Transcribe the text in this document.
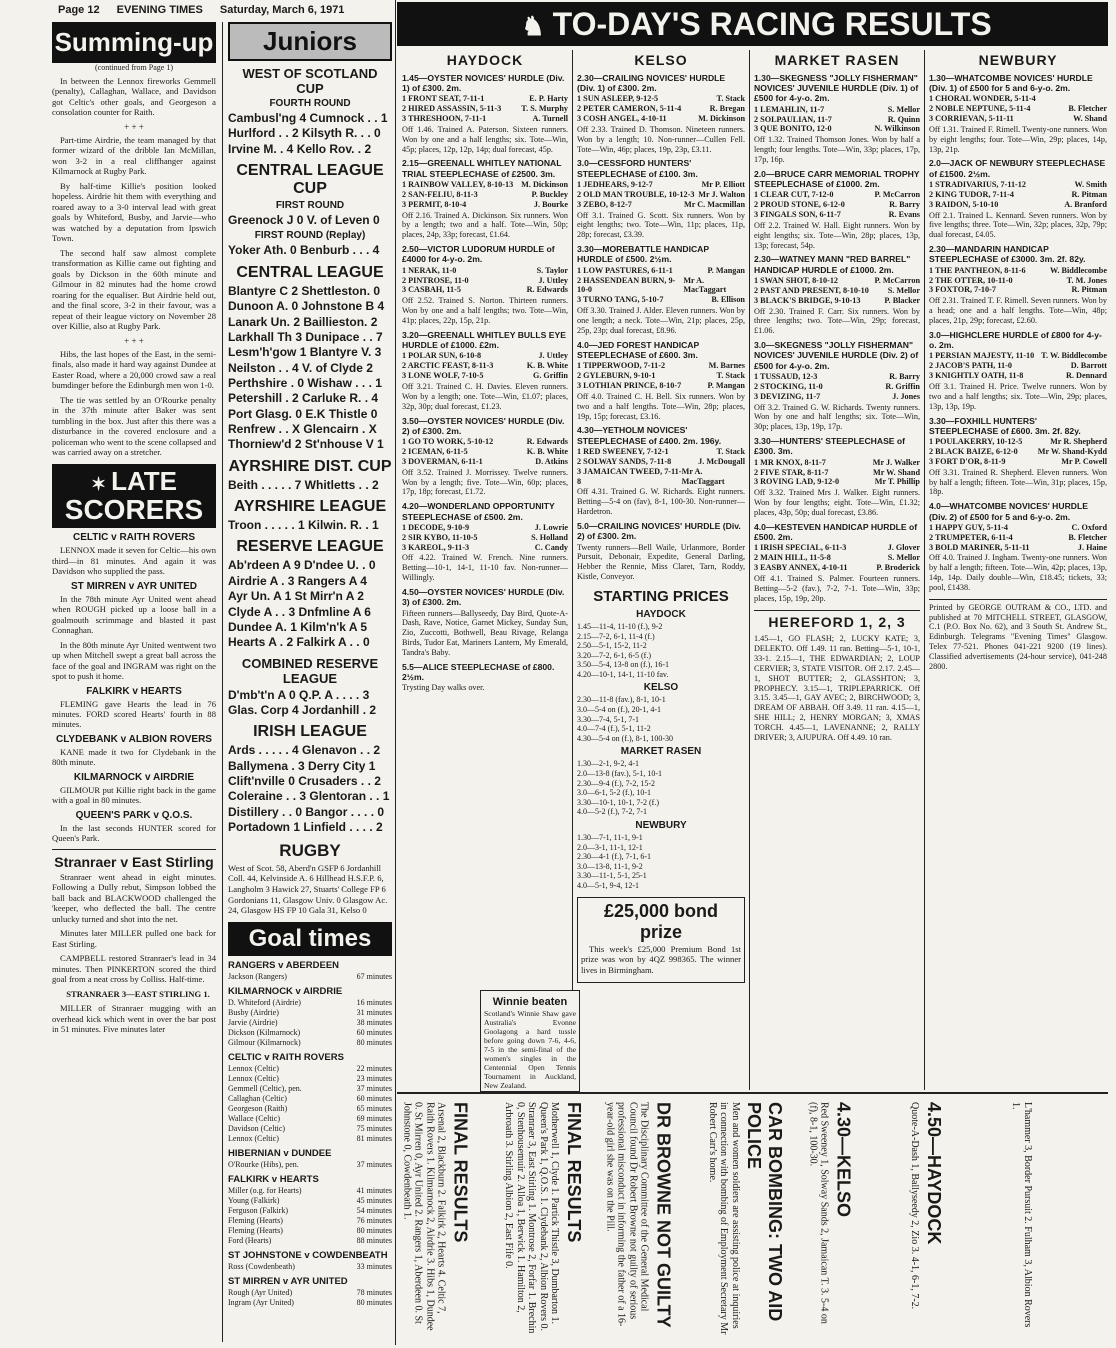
Page 12 EVENING TIMES Saturday, March 6, 1971
Summing-up
(continued from Page 1)

In between the Lennox fireworks Gemmell (penalty), Callaghan, Wallace, and Davidson got Celtic's other goals, and Georgeson a consolation counter for Raith.

+ + +

Part-time Airdrie, the team managed by that former wizard of the dribble Ian McMillan, won 3-2 in a real cliffhanger against Kilmarnock at Rugby Park.

By half-time Killie's position looked hopeless. Airdrie hit them with everything and roared away to a 3-0 interval lead with great goals by Whiteford, Busby, and Jarvie—who was watched by a deputation from Ipswich Town.

The second half saw almost complete transformation as Killie came out fighting and goals by Dickson in the 60th minute and Gilmour in 82 minutes had the home crowd roaring for the equaliser. But Airdrie held out, and the final score, 3-2 in their favour, was a repeat of their league victory on November 28 over Killie, also at Rugby Park.

+ + +

Hibs, the last hopes of the East, in the semi-finals, also made it hard way against Dundee at Easter Road, where a 20,000 crowd saw a real bumdinger before the Edinburgh men won 1-0.

The tie was settled by an O'Rourke penalty in the 37th minute after Baker was sent tumbling in the box. Just after this there was a disturbance in the covered enclosure and a policeman who went to the scene collapsed and was carried away on a stretcher.

✶ LATE
SCORERS
CELTIC v RAITH ROVERS

LENNOX made it seven for Celtic—his own third—in 81 minutes. And again it was Davidson who supplied the pass.

ST MIRREN v AYR UNITED

In the 78th minute Ayr United went ahead when ROUGH picked up a loose ball in a goalmouth scrimmage and blasted it past Connaghan.

In the 80th minute Ayr United wentwent two up when Mitchell swept a great ball across the face of the goal and INGRAM was right on the spot to push it home.

FALKIRK v HEARTS

FLEMING gave Hearts the lead in 76 minutes. FORD scored Hearts' fourth in 88 minutes.

CLYDEBANK v ALBION ROVERS

KANE made it two for Clydebank in the 80th minute.

KILMARNOCK v AIRDRIE

GILMOUR put Killie right back in the game with a goal in 80 minutes.

QUEEN'S PARK v Q.O.S.

In the last seconds HUNTER scored for Queen's Park.

Stranraer v East Stirling

Stranraer went ahead in eight minutes. Following a Dully rebut, Simpson lobbed the ball back and BLACKWOOD challenged the 'keeper, who deflected the ball. The centre unlucky turned and shot into the net.

Minutes later MILLER pulled one back for East Stirling.

CAMPBELL restored Stranraer's lead in 34 minutes. Then PINKERTON scored the third goal from a neat cross by Colliss. Half-time.

STRANRAER 3—EAST STIRLING 1.

MILLER of Stranraer mugging with an overhead kick which went in over the bar post in 51 minutes. Five minutes later

Juniors
WEST OF SCOTLAND CUP
FOURTH ROUND
Cambusl'ng 4 Cumnock . . 1
Hurlford . . 2 Kilsyth R. . . 0
Irvine M. . 4 Kello Rov. . 2
CENTRAL LEAGUE CUP
FIRST ROUND
Greenock J 0 V. of Leven 0
FIRST ROUND (Replay)
Yoker Ath. 0 Benburb . . . 4
CENTRAL LEAGUE
Blantyre C 2 Shettleston. 0
Dunoon A. 0 Johnstone B 4
Lanark Un. 2 Baillieston. 2
Larkhall Th 3 Dunipace . . 7
Lesm'h'gow 1 Blantyre V. 3
Neilston . . 4 V. of Clyde 2
Perthshire . 0 Wishaw . . . 1
Petershill . 2 Carluke R. . 4
Port Glasg. 0 E.K Thistle 0
Renfrew . . X Glencairn . X
Thorniew'd 2 St'nhouse V 1
AYRSHIRE DIST. CUP
Beith . . . . . 7 Whitletts . . 2
AYRSHIRE LEAGUE
Troon . . . . . 1 Kilwin. R. . 1
RESERVE LEAGUE
Ab'rdeen A 9 D'ndee U. . 0
Airdrie A . 3 Rangers A 4
Ayr Un. A 1 St Mirr'n A 2
Clyde A . . 3 Dnfmline A 6
Dundee A. 1 Kilm'n'k A 5
Hearts A . 2 Falkirk A . . 0
COMBINED RESERVE LEAGUE
D'mb't'n A 0 Q.P. A . . . . 3
Glas. Corp 4 Jordanhill . 2
IRISH LEAGUE
Ards . . . . . 4 Glenavon . . 2
Ballymena . 3 Derry City 1
Clift'nville 0 Crusaders . . 2
Coleraine . . 3 Glentoran . . 1
Distillery . . 0 Bangor . . . . 0
Portadown 1 Linfield . . . . 2
RUGBY
West of Scot. 58, Aberd'n GSFP 6 Jordanhill Coll. 44, Kelvinside A. 6 Hillhead H.S.F.P. 6, Langholm 3 Hawick 27, Stuarts' College FP 6 Gordonians 11, Glasgow Univ. 0 Glasgow Ac. 24, Glasgow HS FP 10 Gala 31, Kelso 0
Goal times
RANGERS v ABERDEEN
Jackson (Rangers)	67 minutes
KILMARNOCK v AIRDRIE
D. Whiteford (Airdrie)	16 minutes
Busby (Airdrie)	31 minutes
Jarvie (Airdrie)	38 minutes
Dickson (Kilmarnock)	60 minutes
Gilmour (Kilmarnock)	80 minutes
CELTIC v RAITH ROVERS
Lennox (Celtic)	22 minutes
Lennox (Celtic)	23 minutes
Gemmell (Celtic), pen.	37 minutes
Callaghan (Celtic)	60 minutes
Georgeson (Raith)	65 minutes
Wallace (Celtic)	69 minutes
Davidson (Celtic)	75 minutes
Lennox (Celtic)	81 minutes
HIBERNIAN v DUNDEE
O'Rourke (Hibs), pen.	37 minutes
FALKIRK v HEARTS
Miller (o.g. for Hearts)	41 minutes
Young (Falkirk)	45 minutes
Ferguson (Falkirk)	54 minutes
Fleming (Hearts)	76 minutes
Fleming (Hearts)	80 minutes
Ford (Hearts)	88 minutes
ST JOHNSTONE v COWDENBEATH
Ross (Cowdenbeath)	33 minutes
ST MIRREN v AYR UNITED
Rough (Ayr United)	78 minutes
Ingram (Ayr United)	80 minutes
♞ TO-DAY'S RACING RESULTS
HAYDOCK
1.45—OYSTER NOVICES' HURDLE (Div. 1) of £300. 2m.
1 FRONT SEAT, 7-11-1	E. P. Harty
2 HIRED ASSASSIN, 5-11-3 T. S. Murphy
3 THRESHOON, 7-11-1	A. Turnell
Off 1.46. Trained A. Paterson. Sixteen runners. Won by one and a half lengths; six. Tote—Win, 45p; places, 12p, 12p, 14p; dual forecast, 45p.
2.15—GREENALL WHITLEY NATIONAL TRIAL STEEPLECHASE of £2500. 3m.
1 RAINBOW VALLEY, 8-10-13 M. Dickinson
2 SAN-FELIU, 8-11-3	P. Buckley
3 PERMIT, 8-10-4	J. Bourke
Off 2.16. Trained A. Dickinson. Six runners. Won by a length; two and a half. Tote—Win, 50p; places, 24p, 33p; forecast, £1.64.
2.50—VICTOR LUDORUM HURDLE of £4000 for 4-y-o. 2m.
1 NERAK, 11-0	S. Taylor
2 PINTROSE, 11-0	J. Uttley
3 CASBAH, 11-5	R. Edwards
Off 2.52. Trained S. Norton. Thirteen runners. Won by one and a half lengths; two. Tote—Win, 41p; places, 22p, 15p, 21p.
3.20—GREENALL WHITLEY BULLS EYE HURDLE of £1000. £2m.
1 POLAR SUN, 6-10-8	J. Uttley
2 ARCTIC FEAST, 8-11-3	K. B. White
3 LONE WOLF, 7-10-5	G. Griffin
Off 3.21. Trained C. H. Davies. Eleven runners. Won by a length; one. Tote—Win, £1.07; places, 32p, 30p; dual forecast, £1.23.
3.50—OYSTER NOVICES' HURDLE (Div. 2) of £300. 2m.
1 GO TO WORK, 5-10-12	R. Edwards
2 ICEMAN, 6-11-5	K. B. White
3 DOVERMAN, 6-11-1	D. Atkins
Off 3.52. Trained J. Morrissey. Twelve runners. Won by a length; five. Tote—Win, 60p; places, 17p, 18p; forecast, £1.72.
4.20—WONDERLAND OPPORTUNITY STEEPLECHASE of £500. 2m.
1 DECODE, 9-10-9	J. Lowrie
2 SIR KYBO, 11-10-5	S. Holland
3 KAREOL, 9-11-3	C. Candy
Off 4.22. Trained W. French. Nine runners. Betting—10-1, 14-1, 11-10 fav. Non-runner—Willingly.
4.50—OYSTER NOVICES' HURDLE (Div. 3) of £300. 2m.
Fifteen runners—Ballyseedy, Day Bird, Quote-A-Dash, Rave, Notice, Garnet Mickey, Sunday Sun, Zio, Zuccotti, Bothwell, Beau Rivage, Relanga Birds, Tudor Eat, Mariners Lantern, My Emerald, Tandra's Baby.
5.5—ALICE STEEPLECHASE of £800. 2½m.
Trysting Day walks over.
KELSO
2.30—CRAILING NOVICES' HURDLE (Div. 1) of £300. 2m.
1 SUN ASLEEP, 9-12-5	T. Stack
2 PETER CAMERON, 5-11-4	R. Bregan
3 COSH ANGEL, 4-10-11	M. Dickinson
Off 2.33. Trained D. Thomson. Nineteen runners. Won by a length; 10. Non-runner—Cullen Fell. Tote—Win, 46p; places, 19p, 23p, £3.11.
3.0—CESSFORD HUNTERS' STEEPLECHASE of £100. 3m.
1 JEDHEARS, 9-12-7	Mr P. Elliott
2 OLD MAN TROUBLE, 10-12-3 Mr J. Walton
3 ZEBO, 8-12-7	Mr C. Macmillan
Off 3.1. Trained G. Scott. Six runners. Won by eight lengths; two. Tote—Win, 11p; places, 11p, 28p; forecast, £3.39.
3.30—MOREBATTLE HANDICAP HURDLE of £500. 2½m.
1 LOW PASTURES, 6-11-1	P. Mangan
2 HASSENDEAN BURN, 9-10-0
Mr A. MacTaggart
3 TURNO TANG, 5-10-7	B. Ellison
Off 3.30. Trained J. Alder. Eleven runners. Won by one length; a neck. Tote—Win, 21p; places, 25p, 25p, 23p; dual forecast, £8.96.
4.0—JED FOREST HANDICAP STEEPLECHASE of £600. 3m.
1 TIPPERWOOD, 7-11-2	M. Barnes
2 GYLEBURN, 9-10-1	T. Stack
3 LOTHIAN PRINCE, 8-10-7	P. Mangan
Off 4.0. Trained C. H. Bell. Six runners. Won by two and a half lengths. Tote—Win, 28p; places, 19p, 15p; forecast, £3.16.
4.30—YETHOLM NOVICES' STEEPLECHASE of £400. 2m. 196y.
1 RED SWEENEY, 7-12-1	T. Stack
2 SOLWAY SANDS, 7-11-8	J. McDougall
3 JAMAICAN TWEED, 7-11-8
Mr A. MacTaggart
Off 4.31. Trained G. W. Richards. Eight runners. Betting—5-4 on (fav), 8-1, 100-30. Non-runner—Hardetron.
5.0—CRAILING NOVICES' HURDLE (Div. 2) of £300. 2m.
Twenty runners—Bell Waile, Urlanmore, Border Pursuit, Debonair, Expedite, General Darling, Hebber the Rennie, Miss Claret, Tarn, Roddy, Kistle, Conveyor.
STARTING PRICES
HAYDOCK
1.45—11-4, 11-10 (f.), 9-2
2.15—7-2, 6-1, 11-4 (f.)
2.50—5-1, 15-2, 11-2
3.20—7-2, 6-1, 6-5 (f.)
3.50—5-4, 13-8 on (f.), 16-1
4.20—10-1, 14-1, 11-10 fav.
KELSO
2.30—11-8 (fav.), 8-1, 10-1
3.0—5-4 on (f.), 20-1, 4-1
3.30—7-4, 5-1, 7-1
4.0—7-4 (f.), 5-1, 11-2
4.30—5-4 on (f.), 8-1, 100-30
MARKET RASEN
1.30—2-1, 9-2, 4-1
2.0—13-8 (fav.), 5-1, 10-1
2.30—9-4 (f.), 7-2, 15-2
3.0—6-1, 5-2 (f.), 10-1
3.30—10-1, 10-1, 7-2 (f.)
4.0—5-2 (f.), 7-2, 7-1
NEWBURY
1.30—7-1, 11-1, 9-1
2.0—3-1, 11-1, 12-1
2.30—4-1 (f.), 7-1, 6-1
3.0—13-8, 11-1, 9-2
3.30—11-1, 5-1, 25-1
4.0—5-1, 9-4, 12-1
£25,000 bond prize
This week's £25,000 Premium Bond 1st prize was won by 4QZ 998365. The winner lives in Birmingham.
Winnie beaten
Scotland's Winnie Shaw gave Australia's Evonne Goolagong a hard tussle before going down 7-6, 4-6, 7-5 in the semi-final of the women's singles in the Centennial Open Tennis Tournament in Auckland, New Zealand.
MARKET RASEN
1.30—SKEGNESS "JOLLY FISHERMAN" NOVICES' JUVENILE HURDLE (Div. 1) of £500 for 4-y-o. 2m.
1 LEMAHLIN, 11-7	S. Mellor
2 SOLPAULIAN, 11-7	R. Quinn
3 QUE BONITO, 12-0	N. Wilkinson
Off 1.32. Trained Thomson Jones. Won by half a length; four lengths. Tote—Win, 33p; places, 17p, 17p, 16p.
2.0—BRUCE CARR MEMORIAL TROPHY STEEPLECHASE of £1000. 2m.
1 CLEAR CUT, 7-12-0	P. McCarron
2 PROUD STONE, 6-12-0	R. Barry
3 FINGALS SON, 6-11-7	R. Evans
Off 2.2. Trained W. Hall. Eight runners. Won by eight lengths; six. Tote—Win, 28p; places, 13p, 13p; forecast, 54p.
2.30—WATNEY MANN "RED BARREL" HANDICAP HURDLE of £1000. 2m.
1 SWAN SHOT, 8-10-12	P. McCarron
2 PAST AND PRESENT, 8-10-10 S. Mellor
3 BLACK'S BRIDGE, 9-10-13	P. Blacker
Off 2.30. Trained F. Carr. Six runners. Won by three lengths; two. Tote—Win, 29p; forecast, £1.06.
3.0—SKEGNESS "JOLLY FISHERMAN" NOVICES' JUVENILE HURDLE (Div. 2) of £500 for 4-y-o. 2m.
1 TUSSAUD, 12-3	R. Barry
2 STOCKING, 11-0	R. Griffin
3 DEVIZING, 11-7	J. Jones
Off 3.2. Trained G. W. Richards. Twenty runners. Won by one and half lengths; six. Tote—Win, 30p; places, 13p, 19p, 17p.
3.30—HUNTERS' STEEPLECHASE of £300. 3m.
1 MR KNOX, 8-11-7	Mr J. Walker
2 FIVE STAR, 8-11-7	Mr W. Shand
3 ROVING LAD, 9-12-0	Mr T. Phillip
Off 3.32. Trained Mrs J. Walker. Eight runners. Won by four lengths; eight. Tote—Win, £1.32; places, 43p, 50p; dual forecast, £3.86.
4.0—KESTEVEN HANDICAP HURDLE of £500. 2m.
1 IRISH SPECIAL, 6-11-3	J. Glover
2 MAIN HILL, 11-5-8	S. Mellor
3 EASBY ANNEX, 4-10-11	P. Broderick
Off 4.1. Trained S. Palmer. Fourteen runners. Betting—5-2 (fav.), 7-2, 7-1. Tote—Win, 33p; places, 15p, 19p, 20p.
HEREFORD 1, 2, 3
1.45—1, GO FLASH; 2, LUCKY KATE; 3, DELEKTO. Off 1.49. 11 ran. Betting—5-1, 10-1, 33-1. 2.15—1, THE EDWARDIAN; 2, LOUP CERVIER; 3, STATE VISITOR. Off 2.17. 2.45—1, SHOT BUTTER; 2, GLASSHTON; 3, PROPHECY. 3.15—1, TRIPLEPARRICK. Off 3.15. 3.45—1, GAY AVEC; 2, BIRCHWOOD; 3, DREAM OF ABBAH. Off 3.49. 11 ran. 4.15—1, SHE HILL; 2, HENRY MORGAN; 3, XMAS TORCH. 4.45—1, LAVENANNE; 2, RALLY DRIVER; 3, AJUPURA. Off 4.49. 10 ran.
NEWBURY
1.30—WHATCOMBE NOVICES' HURDLE (Div. 1) of £500 for 5 and 6-y-o. 2m.
1 CHORAL WONDER, 5-11-4
2 NOBLE NEPTUNE, 5-11-4	B. Fletcher
3 CORRIEVAN, 5-11-11	W. Shand
Off 1.31. Trained F. Rimell. Twenty-one runners. Won by eight lengths; four. Tote—Win, 29p; places, 14p, 13p, 21p.
2.0—JACK OF NEWBURY STEEPLECHASE of £1500. 2½m.
1 STRADIVARIUS, 7-11-12	W. Smith
2 KING TUDOR, 7-11-4	R. Pitman
3 RAIDON, 5-10-10	A. Branford
Off 2.1. Trained L. Kennard. Seven runners. Won by five lengths; three. Tote—Win, 32p; places, 32p, 79p; dual forecast, £4.05.
2.30—MANDARIN HANDICAP STEEPLECHASE of £3000. 3m. 2f. 82y.
1 THE PANTHEON, 8-11-6	W. Biddlecombe
2 THE OTTER, 10-11-0	T. M. Jones
3 FOXTOR, 7-10-7	R. Pitman
Off 2.31. Trained T. F. Rimell. Seven runners. Won by a head; one and a half lengths. Tote—Win, 48p; places, 21p, 29p; forecast, £2.60.
3.0—HIGHCLERE HURDLE of £800 for 4-y-o. 2m.
1 PERSIAN MAJESTY, 11-10 T. W. Biddlecombe
2 JACOB'S PATH, 11-0	D. Barrott
3 KNIGHTLY OATH, 11-8	R. Dennard
Off 3.1. Trained H. Price. Twelve runners. Won by two and a half lengths; six. Tote—Win, 29p; places, 13p, 13p, 19p.
3.30—FOXHILL HUNTERS' STEEPLECHASE of £600. 3m. 2f. 82y.
1 POULAKERRY, 10-12-5	Mr R. Shepherd
2 BLACK BAIZE, 6-12-0 Mr W. Shand-Kydd
3 FORT D'OR, 8-11-9	Mr P. Cowell
Off 3.31. Trained R. Shepherd. Eleven runners. Won by half a length; fifteen. Tote—Win, 31p; places, 15p, 18p.
4.0—WHATCOMBE NOVICES' HURDLE (Div. 2) of £500 for 5 and 6-y-o. 2m.
1 HAPPY GUY, 5-11-4	C. Oxford
2 TRUMPETER, 6-11-4	B. Fletcher
3 BOLD MARINER, 5-11-11	J. Haine
Off 4.0. Trained J. Ingham. Twenty-one runners. Won by half a length; fifteen. Tote—Win, 42p; places, 13p, 14p, 14p. Daily double—Win, £18.45; tickets, 33; pool, £1438.
Printed by GEORGE OUTRAM & CO., LTD. and published at 70 MITCHELL STREET, GLASGOW, C.1 (P.O. Box No. 62), and 3 South St. Andrew St., Edinburgh. Telegrams "Evening Times" Glasgow. Telex 77-521. Phones 041-221 9200 (19 lines). Classified advertisements (24-hour service), 041-248 2800.
FINAL RESULTS
Arsenal 2, Blackburn 2. Falkirk 2, Hearts 4. Celtic 7, Raith Rovers 1. Kilmarnock 2, Airdrie 3. Hibs 1, Dundee 0. St Mirren 0, Ayr United 2. Rangers 1, Aberdeen 0. St Johnstone 0, Cowdenbeath 1.	FINAL RESULTS
Motherwell 1, Clyde 1. Partick Thistle 3, Dumbarton 1. Queen's Park 1, Q.O.S. 1. Clydebank 2, Albion Rovers 0. Stranraer 3, East Stirling 1. Montrose 2, Forfar 1. Brechin 0, Stenhousemuir 2. Alloa 1, Berwick 1. Hamilton 2, Arbroath 3. Stirling Albion 2, East Fife 0.	DR BROWNE NOT GUILTY
The Disciplinary Committee of the General Medical Council found Dr Robert Browne not guilty of serious professional misconduct in informing the father of a 16-year-old girl she was on the Pill.	CAR BOMBING: TWO AID POLICE
Men and women soldiers are assisting police at inquiries in connection with bombing of Employment Secretary Mr Robert Carr's home.	4.30—KELSO
Red Sweeney 1, Solway Sands 2, Jamaican T. 3. 5-4 on (f), 8-1, 100-30.	4.50—HAYDOCK
Quote-A-Dash 1, Ballyseedy 2, Zio 3. 4-1, 6-1, 7-2.	L'hammer 3, Border Pursuit 2. Fulham 3, Albion Rovers 1.
